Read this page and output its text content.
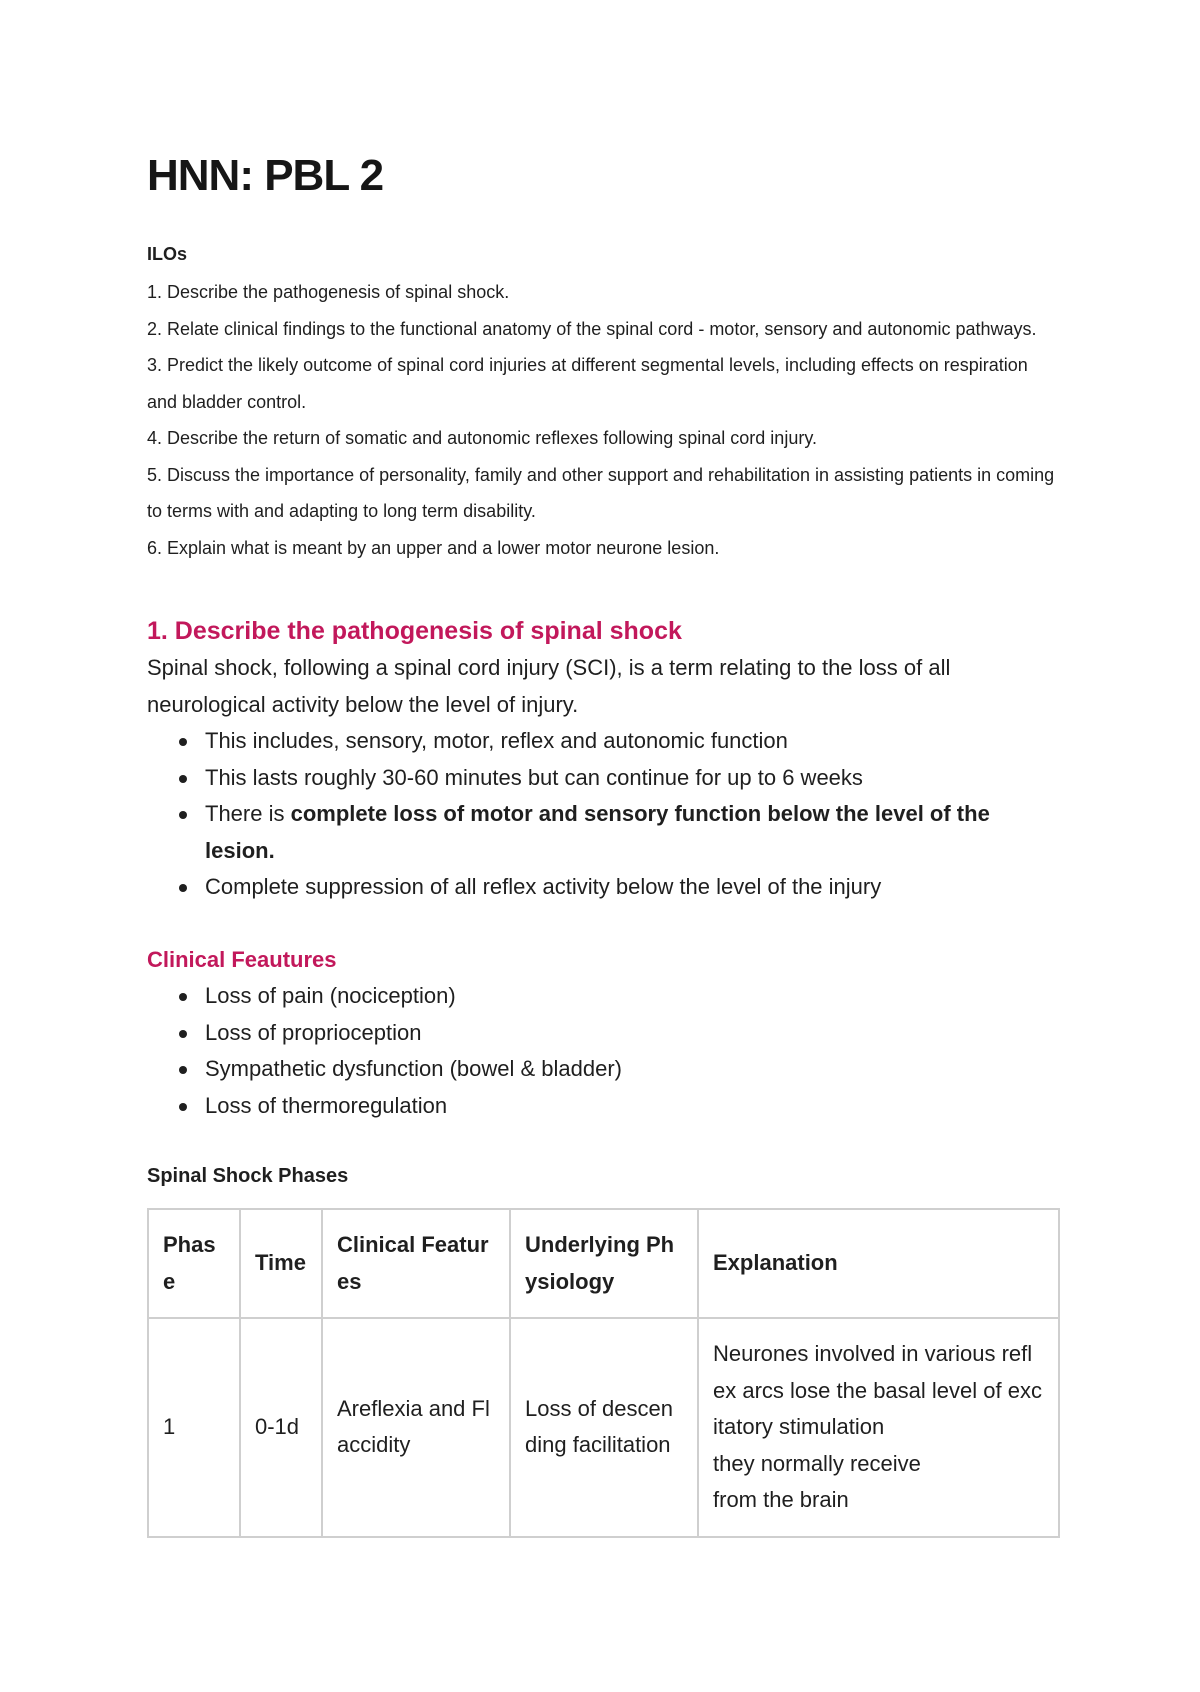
HNN: PBL 2
ILOs
1. Describe the pathogenesis of spinal shock.
2. Relate clinical findings to the functional anatomy of the spinal cord - motor, sensory and autonomic pathways.
3. Predict the likely outcome of spinal cord injuries at different segmental levels, including effects on respiration and bladder control.
4. Describe the return of somatic and autonomic reflexes following spinal cord injury.
5. Discuss the importance of personality, family and other support and rehabilitation in assisting patients in coming to terms with and adapting to long term disability.
6. Explain what is meant by an upper and a lower motor neurone lesion.
1. Describe the pathogenesis of spinal shock

Spinal shock, following a spinal cord injury (SCI), is a term relating to the loss of all neurological activity below the level of injury.

This includes, sensory, motor, reflex and autonomic function
This lasts roughly 30-60 minutes but can continue for up to 6 weeks
There is complete loss of motor and sensory function below the level of the lesion.
Complete suppression of all reflex activity below the level of the injury
Clinical Feautures
Loss of pain (nociception)
Loss of proprioception
Sympathetic dysfunction (bowel & bladder)
Loss of thermoregulation
Spinal Shock Phases
Phase	Time	Clinical Features	Underlying Physiology	Explanation
1	0-1d	Areflexia and Flaccidity	Loss of descending facilitation	Neurones involved in various reflex arcs lose the basal level of excitatory stimulation
they normally receive
from the brain
